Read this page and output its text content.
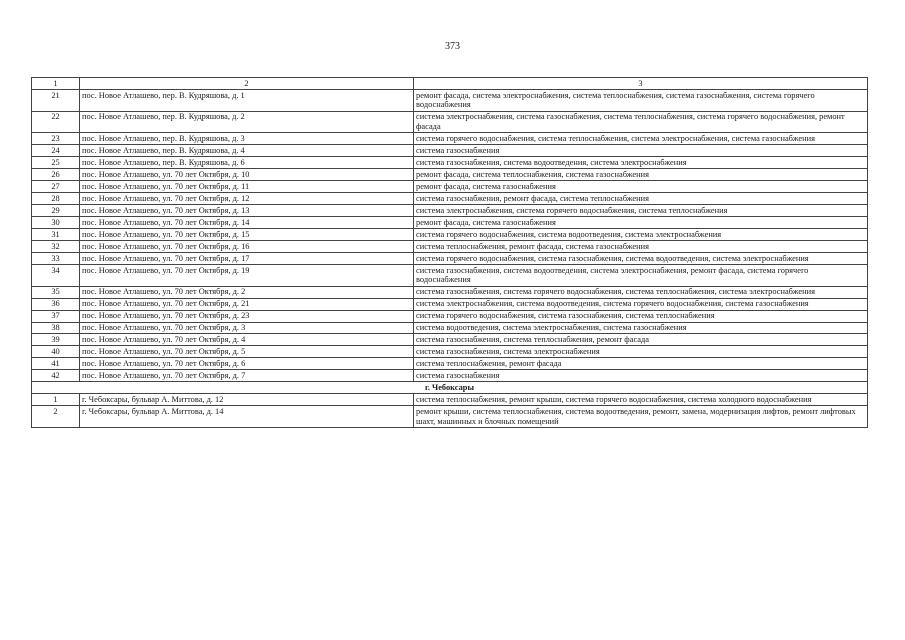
373
1	2	3
21	пос. Новое Атлашево, пер. В. Кудряшова, д. 1	ремонт фасада, система электроснабжения, система теплоснабжения, система газоснабжения, система горячего водоснабжения
22	пос. Новое Атлашево, пер. В. Кудряшова, д. 2	система электроснабжения, система газоснабжения, система теплоснабжения, система горячего водоснабжения, ремонт фасада
23	пос. Новое Атлашево, пер. В. Кудряшова, д. 3	система горячего водоснабжения, система теплоснабжения, система электроснабжения, система газоснабжения
24	пос. Новое Атлашево, пер. В. Кудряшова, д. 4	система газоснабжения
25	пос. Новое Атлашево, пер. В. Кудряшова, д. 6	система газоснабжения, система водоотведения, система электроснабжения
26	пос. Новое Атлашево, ул. 70 лет Октября, д. 10	ремонт фасада, система теплоснабжения, система газоснабжения
27	пос. Новое Атлашево, ул. 70 лет Октября, д. 11	ремонт фасада, система газоснабжения
28	пос. Новое Атлашево, ул. 70 лет Октября, д. 12	система газоснабжения, ремонт фасада, система теплоснабжения
29	пос. Новое Атлашево, ул. 70 лет Октября, д. 13	система электроснабжения, система горячего водоснабжения, система теплоснабжения
30	пос. Новое Атлашево, ул. 70 лет Октября, д. 14	ремонт фасада, система газоснабжения
31	пос. Новое Атлашево, ул. 70 лет Октября, д. 15	система горячего водоснабжения, система водоотведения, система электроснабжения
32	пос. Новое Атлашево, ул. 70 лет Октября, д. 16	система теплоснабжения, ремонт фасада, система газоснабжения
33	пос. Новое Атлашево, ул. 70 лет Октября, д. 17	система горячего водоснабжения, система газоснабжения, система водоотведения, система электроснабжения
34	пос. Новое Атлашево, ул. 70 лет Октября, д. 19	система газоснабжения, система водоотведения, система электроснабжения, ремонт фасада, система горячего водоснабжения
35	пос. Новое Атлашево, ул. 70 лет Октября, д. 2	система газоснабжения, система горячего водоснабжения, система теплоснабжения, система электроснабжения
36	пос. Новое Атлашево, ул. 70 лет Октября, д. 21	система электроснабжения, система водоотведения, система горячего водоснабжения, система газоснабжения
37	пос. Новое Атлашево, ул. 70 лет Октября, д. 23	система горячего водоснабжения, система газоснабжения, система теплоснабжения
38	пос. Новое Атлашево, ул. 70 лет Октября, д. 3	система водоотведения, система электроснабжения, система газоснабжения
39	пос. Новое Атлашево, ул. 70 лет Октября, д. 4	система газоснабжения, система теплоснабжения, ремонт фасада
40	пос. Новое Атлашево, ул. 70 лет Октября, д. 5	система газоснабжения, система электроснабжения
41	пос. Новое Атлашево, ул. 70 лет Октября, д. 6	система теплоснабжения, ремонт фасада
42	пос. Новое Атлашево, ул. 70 лет Октября, д. 7	система газоснабжения
г. Чебоксары		
1	г. Чебоксары, бульвар А. Миттова, д. 12	система теплоснабжения, ремонт крыши, система горячего водоснабжения, система холодного водоснабжения
2	г. Чебоксары, бульвар А. Миттова, д. 14	ремонт крыши, система теплоснабжения, система водоотведения, ремонт, замена, модернизация лифтов, ремонт лифтовых шахт, машинных и блочных помещений
